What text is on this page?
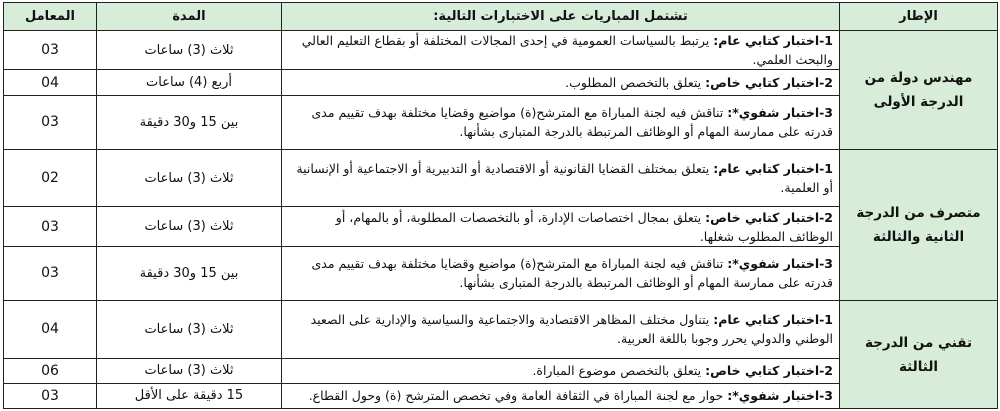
الإطار	تشتمل المباريات على الاختبارات التالية:	المدة	المعامل
مهندس دولة من الدرجة الأولى	1-اختبار كتابي عام: يرتبط بالسياسات العمومية في إحدى المجالات المختلفة أو بقطاع التعليم العالي والبحث العلمي.	ثلاث (3) ساعات	03
	2-اختبار كتابي خاص: يتعلق بالتخصص المطلوب.	أربع (4) ساعات	04
	3-اختبار شفوي*: تناقش فيه لجنة المباراة مع المترشح(ة) مواضيع وقضايا مختلفة بهدف تقييم مدى قدرته على ممارسة المهام أو الوظائف المرتبطة بالدرجة المتبارى بشأنها.	بين 15 و30 دقيقة	03
متصرف من الدرجة الثانية والثالثة	1-اختبار كتابي عام: يتعلق بمختلف القضايا القانونية أو الاقتصادية أو التدبيرية أو الاجتماعية أو الإنسانية أو العلمية.	ثلاث (3) ساعات	02
	2-اختبار كتابي خاص: يتعلق بمجال اختصاصات الإدارة، أو بالتخصصات المطلوبة، أو بالمهام، أو الوظائف المطلوب شغلها.	ثلاث (3) ساعات	03
	3-اختبار شفوي*: تناقش فيه لجنة المباراة مع المترشح(ة) مواضيع وقضايا مختلفة بهدف تقييم مدى قدرته على ممارسة المهام أو الوظائف المرتبطة بالدرجة المتبارى بشأنها.	بين 15 و30 دقيقة	03
تقني من الدرجة الثالثة	1-اختبار كتابي عام: يتناول مختلف المظاهر الاقتصادية والاجتماعية والسياسية والإدارية على الصعيد الوطني والدولي يحرر وجوبا باللغة العربية.	ثلاث (3) ساعات	04
	2-اختبار كتابي خاص: يتعلق بالتخصص موضوع المباراة.	ثلاث (3) ساعات	06
	3-اختبار شفوي*: حوار مع لجنة المباراة في الثقافة العامة وفي تخصص المترشح (ة) وحول القطاع.	15 دقيقة على الأقل	03
